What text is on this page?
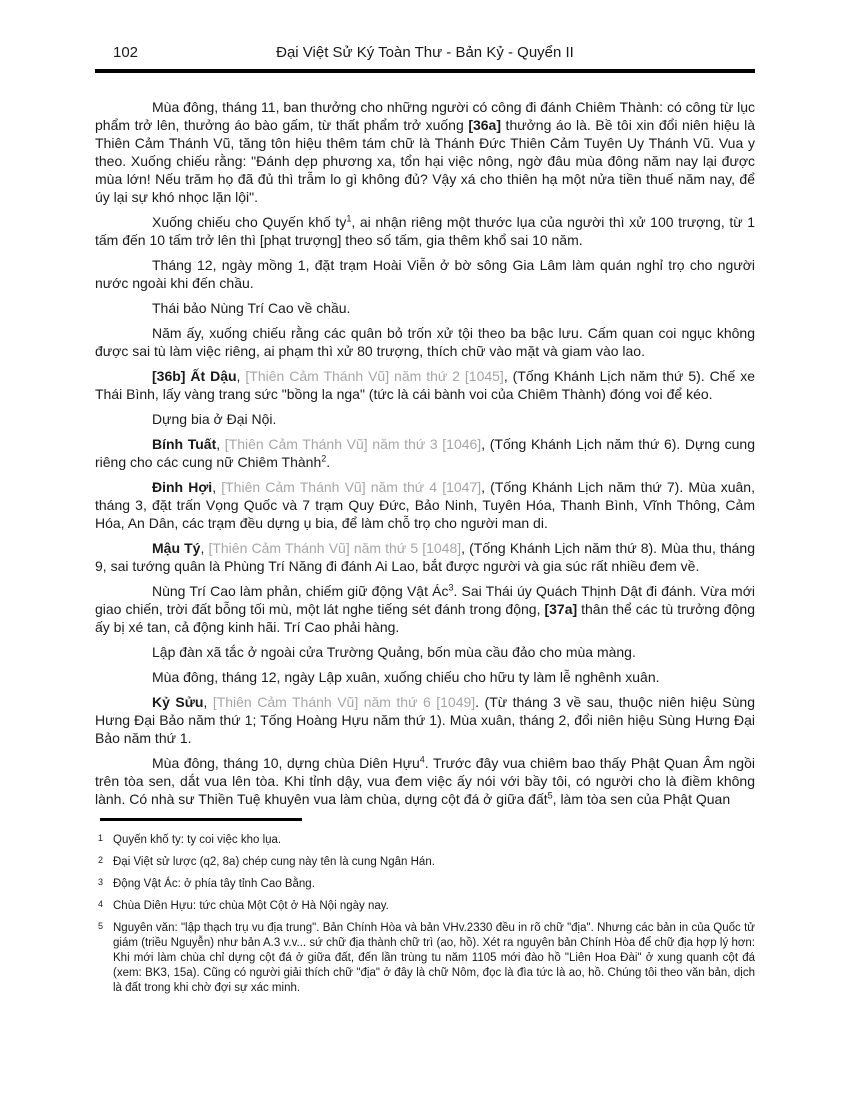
102	Đại Việt Sử Ký Toàn Thư - Bản Kỷ - Quyển II

Mùa đông, tháng 11, ban thưởng cho những người có công đi đánh Chiêm Thành: có công từ lục phẩm trở lên, thưởng áo bào gấm, từ thất phẩm trở xuống [36a] thưởng áo là. Bề tôi xin đổi niên hiệu là Thiên Cảm Thánh Vũ, tăng tôn hiệu thêm tám chữ là Thánh Đức Thiên Cảm Tuyên Uy Thánh Vũ. Vua y theo. Xuống chiếu rằng: "Đánh dẹp phương xa, tổn hại việc nông, ngờ đâu mùa đông năm nay lại được mùa lớn! Nếu trăm họ đã đủ thì trẫm lo gì không đủ? Vậy xá cho thiên hạ một nửa tiền thuế năm nay, để úy lại sự khó nhọc lặn lội".

Xuống chiếu cho Quyến khố $ty^1$, ai nhận riêng một thước lụa của người thì xử 100 trượng, từ 1 tấm đến 10 tấm trở lên thì [phạt trượng] theo số tấm, gia thêm khổ sai 10 năm.

Tháng 12, ngày mồng 1, đặt trạm Hoài Viễn ở bờ sông Gia Lâm làm quán nghỉ trọ cho người nước ngoài khi đến chầu.

Thái bảo Nùng Trí Cao về chầu.

Năm ấy, xuống chiếu rằng các quân bỏ trốn xử tội theo ba bậc lưu. Cấm quan coi ngục không được sai tù làm việc riêng, ai phạm thì xử 80 trượng, thích chữ vào mặt và giam vào lao.

[36b] Ất Dậu, [Thiên Cảm Thánh Vũ] năm thứ 2 [1045], (Tống Khánh Lịch năm thứ 5). Chế xe Thái Bình, lấy vàng trang sức "bồng la nga" (tức là cái bành voi của Chiêm Thành) đóng voi để kéo.

Dựng bia ở Đại Nội.

Bính Tuất, [Thiên Cảm Thánh Vũ] năm thứ 3 [1046], (Tống Khánh Lịch năm thứ 6). Dựng cung riêng cho các cung nữ Chiêm Thành$^2$.

Đinh Hợi, [Thiên Cảm Thánh Vũ] năm thứ 4 [1047], (Tống Khánh Lịch năm thứ 7). Mùa xuân, tháng 3, đặt trấn Vọng Quốc và 7 trạm Quy Đức, Bảo Ninh, Tuyên Hóa, Thanh Bình, Vĩnh Thông, Cảm Hóa, An Dân, các trạm đều dựng ụ bia, để làm chỗ trọ cho người man di.

Mậu Tý, [Thiên Cảm Thánh Vũ] năm thứ 5 [1048], (Tống Khánh Lịch năm thứ 8). Mùa thu, tháng 9, sai tướng quân là Phùng Trí Năng đi đánh Ai Lao, bắt được người và gia súc rất nhiều đem về.

Nùng Trí Cao làm phản, chiếm giữ động Vật $Ác^3$. Sai Thái úy Quách Thịnh Dật đi đánh. Vừa mới giao chiến, trời đất bỗng tối mù, một lát nghe tiếng sét đánh trong động, [37a] thân thể các tù trưởng động ấy bị xé tan, cả động kinh hãi. Trí Cao phải hàng.

Lập đàn xã tắc ở ngoài cửa Trường Quảng, bốn mùa cầu đảo cho mùa màng.

Mùa đông, tháng 12, ngày Lập xuân, xuống chiếu cho hữu ty làm lễ nghênh xuân.

Kỷ Sửu, [Thiên Cảm Thánh Vũ] năm thứ 6 [1049]. (Từ tháng 3 về sau, thuộc niên hiệu Sùng Hưng Đại Bảo năm thứ 1; Tống Hoàng Hựu năm thứ 1). Mùa xuân, tháng 2, đổi niên hiệu Sùng Hưng Đại Bảo năm thứ 1.

Mùa đông, tháng 10, dựng chùa Diên Hựu$^4$. Trước đây vua chiêm bao thấy Phật Quan Âm ngồi trên tòa sen, dắt vua lên tòa. Khi tỉnh dậy, vua đem việc ấy nói với bầy tôi, có người cho là điềm không lành. Có nhà sư Thiền Tuệ khuyên vua làm chùa, dựng cột đá ở giữa đất$^5$, làm tòa sen của Phật Quan

1 Quyến khố ty: ty coi việc kho lụa.
2 Đại Việt sử lược (q2, 8a) chép cung này tên là cung Ngân Hán.
3 Động Vật Ác: ở phía tây tỉnh Cao Bằng.
4 Chùa Diên Hựu: tức chùa Một Cột ở Hà Nội ngày nay.
5 Nguyên văn: "lập thạch trụ vu địa trung". Bản Chính Hòa và bản VHv.2330 đều in rõ chữ "địa". Nhưng các bản in của Quốc tử giám (triều Nguyễn) như bản A.3 v.v... sứ chữ địa thành chữ trì (ao, hồ). Xét ra nguyên bản Chính Hòa để chữ địa hợp lý hơn: Khi mới làm chùa chỉ dựng cột đá ở giữa đất, đến lần trùng tu năm 1105 mới đào hồ "Liên Hoa Đài" ở xung quanh cột đá (xem: BK3, 15a). Cũng có người giải thích chữ "địa" ở đây là chữ Nôm, đọc là đìa tức là ao, hồ. Chúng tôi theo văn bản, dịch là đất trong khi chờ đợi sự xác minh.
